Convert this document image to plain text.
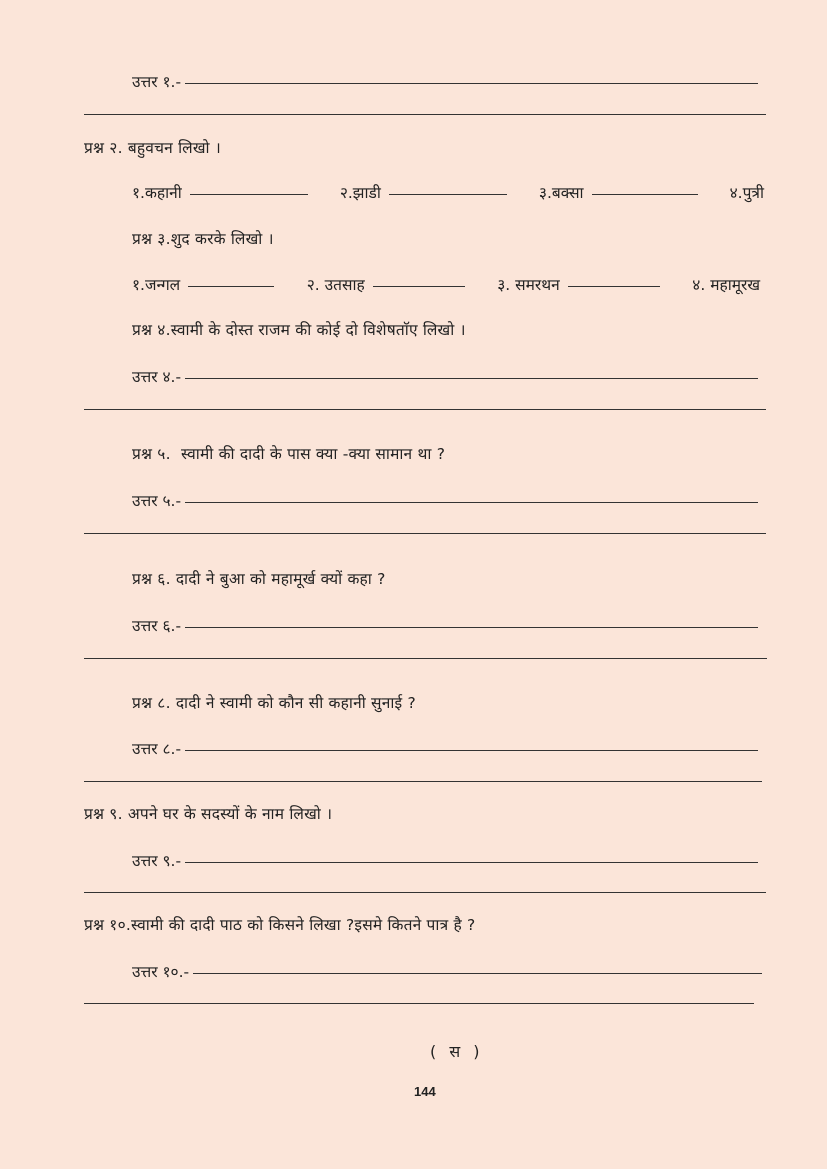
उत्तर १.-
प्रश्न २. बहुवचन लिखो ।
१.कहानी	२.झाडी	३.बक्सा	४.पुत्री
प्रश्न ३.शुद करके लिखो ।
१.जन्गल	२. उतसाह	३. समरथन	४. महामूरख
प्रश्न ४.स्वामी के दोस्त राजम की कोई दो विशेषताॅए लिखो ।
उत्तर ४.-
प्रश्न ५.  स्वामी की दादी के पास क्या -क्या सामान था ?
उत्तर ५.-
प्रश्न ६. दादी ने बुआ को महामूर्ख क्यों कहा ?
उत्तर ६.-
प्रश्न ८. दादी ने स्वामी को कौन सी कहानी सुनाई ?
उत्तर ८.-
प्रश्न ९. अपने घर के सदस्यों के नाम लिखो ।
उत्तर ९.-
प्रश्न १०.स्वामी की दादी पाठ को किसने लिखा ?इसमे कितने पात्र है ?
उत्तर १०.-
( स )
144
